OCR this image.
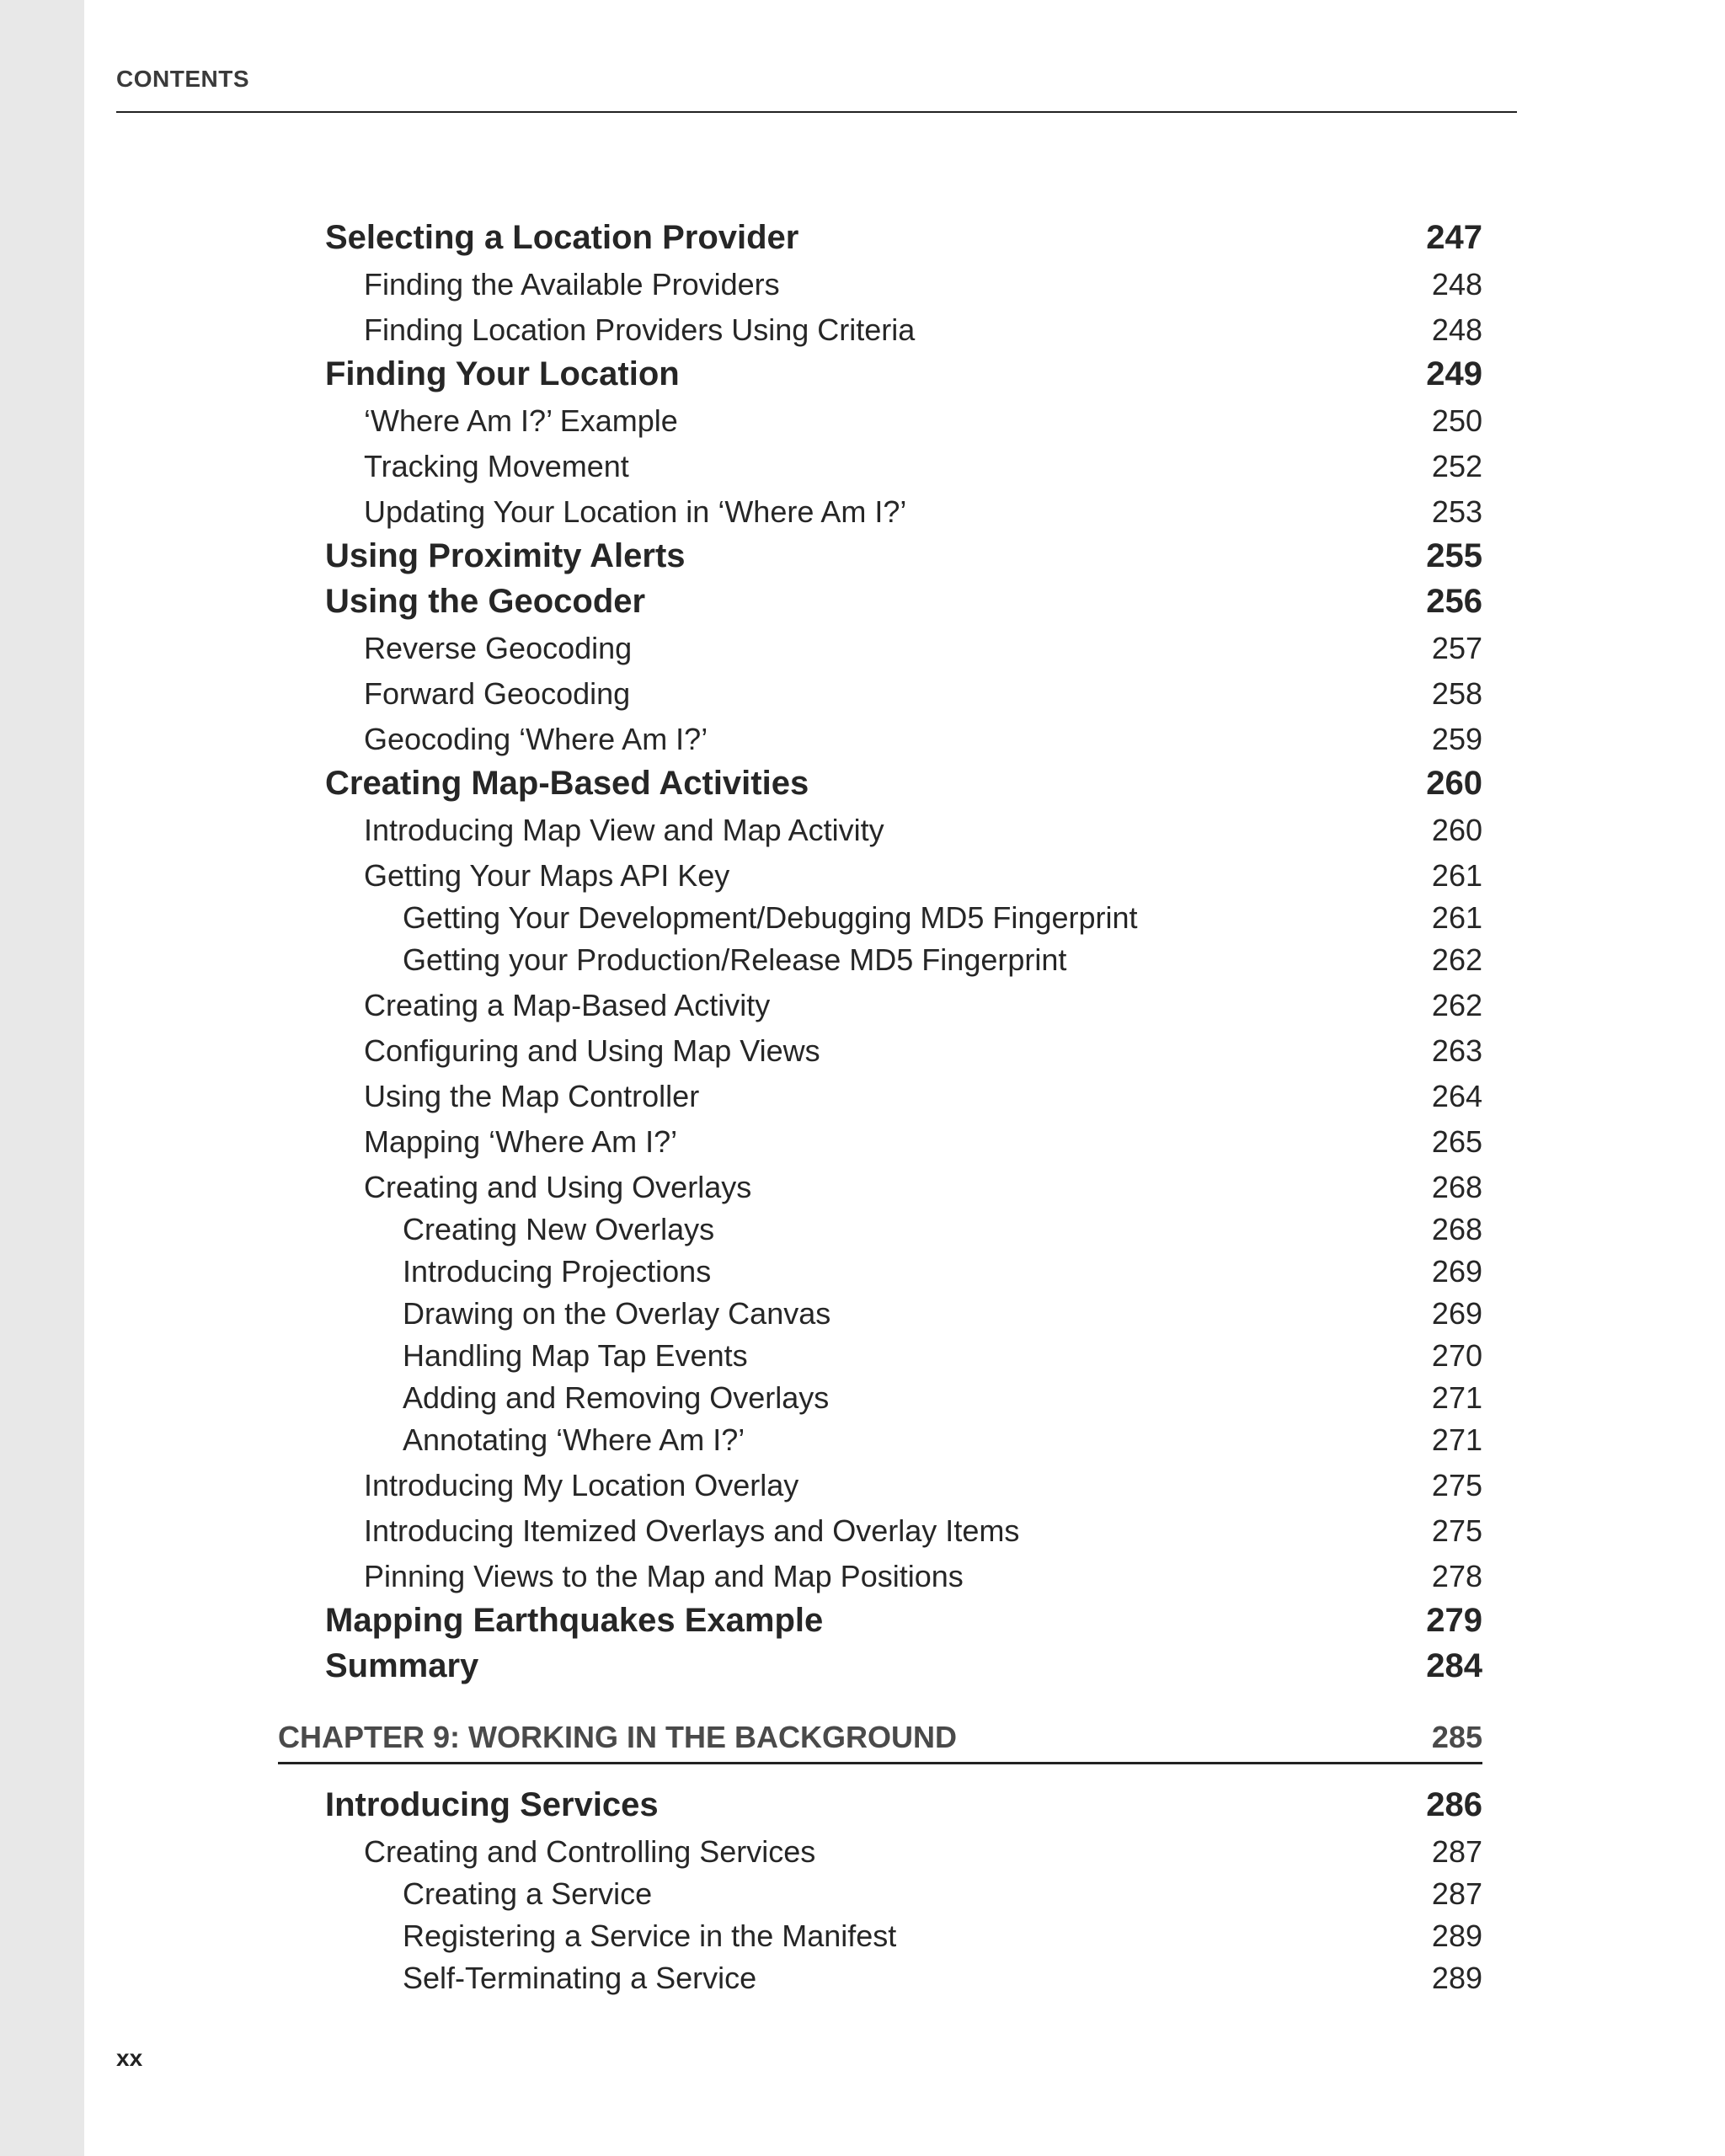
CONTENTS
Selecting a Location Provider	247
Finding the Available Providers	248
Finding Location Providers Using Criteria	248
Finding Your Location	249
‘Where Am I?’ Example	250
Tracking Movement	252
Updating Your Location in ‘Where Am I?’	253
Using Proximity Alerts	255
Using the Geocoder	256
Reverse Geocoding	257
Forward Geocoding	258
Geocoding ‘Where Am I?’	259
Creating Map-Based Activities	260
Introducing Map View and Map Activity	260
Getting Your Maps API Key	261
Getting Your Development/Debugging MD5 Fingerprint	261
Getting your Production/Release MD5 Fingerprint	262
Creating a Map-Based Activity	262
Configuring and Using Map Views	263
Using the Map Controller	264
Mapping ‘Where Am I?’	265
Creating and Using Overlays	268
Creating New Overlays	268
Introducing Projections	269
Drawing on the Overlay Canvas	269
Handling Map Tap Events	270
Adding and Removing Overlays	271
Annotating ‘Where Am I?’	271
Introducing My Location Overlay	275
Introducing Itemized Overlays and Overlay Items	275
Pinning Views to the Map and Map Positions	278
Mapping Earthquakes Example	279
Summary	284
CHAPTER 9: WORKING IN THE BACKGROUND	285
Introducing Services	286
Creating and Controlling Services	287
Creating a Service	287
Registering a Service in the Manifest	289
Self-Terminating a Service	289
xx
